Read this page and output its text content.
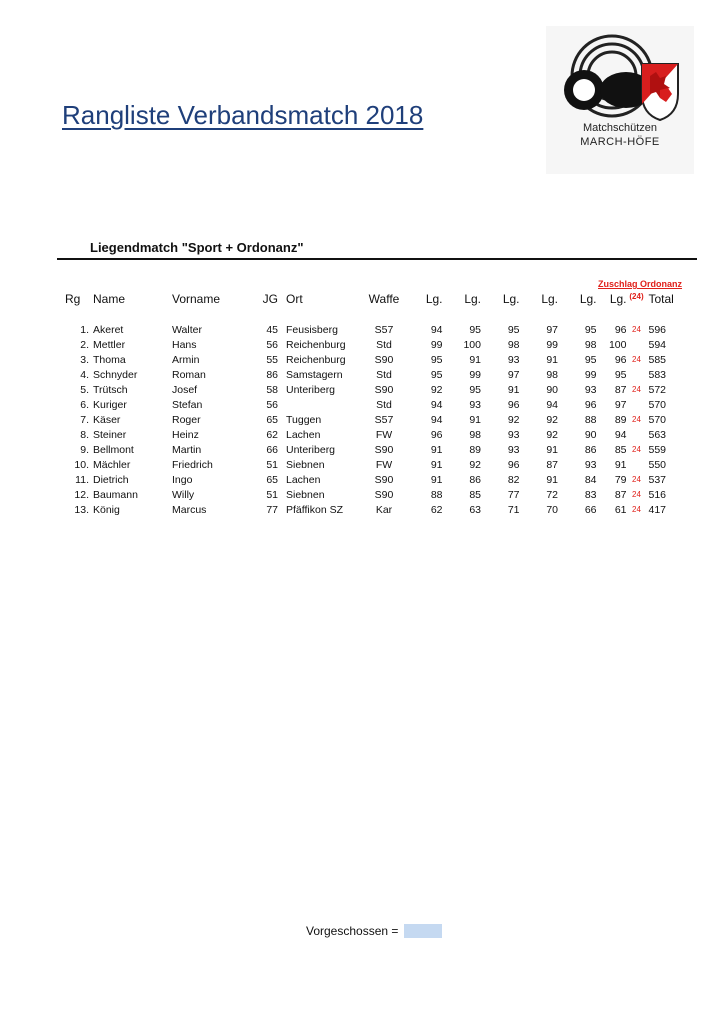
Rangliste Verbandsmatch 2018	Matchschützen
MARCH-HÖFE
Liegendmatch "Sport + Ordonanz"
Zuschlag Ordonanz
Rg	Name	Vorname	JG	Ort	Waffe	Lg.	Lg.	Lg.	Lg.	Lg.	Lg.	(24)	Total

1.	Akeret	Walter	45	Feusisberg	S57	94	95	95	97	95	96	24	596
2.	Mettler	Hans	56	Reichenburg	Std	99	100	98	99	98	100		594
3.	Thoma	Armin	55	Reichenburg	S90	95	91	93	91	95	96	24	585
4.	Schnyder	Roman	86	Samstagern	Std	95	99	97	98	99	95		583
5.	Trütsch	Josef	58	Unteriberg	S90	92	95	91	90	93	87	24	572
6.	Kuriger	Stefan	56		Std	94	93	96	94	96	97		570
7.	Käser	Roger	65	Tuggen	S57	94	91	92	92	88	89	24	570
8.	Steiner	Heinz	62	Lachen	FW	96	98	93	92	90	94		563
9.	Bellmont	Martin	66	Unteriberg	S90	91	89	93	91	86	85	24	559
10.	Mächler	Friedrich	51	Siebnen	FW	91	92	96	87	93	91		550
11.	Dietrich	Ingo	65	Lachen	S90	91	86	82	91	84	79	24	537
12.	Baumann	Willy	51	Siebnen	S90	88	85	77	72	83	87	24	516
13.	König	Marcus	77	Pfäffikon SZ	Kar	62	63	71	70	66	61	24	417
Vorgeschossen =
